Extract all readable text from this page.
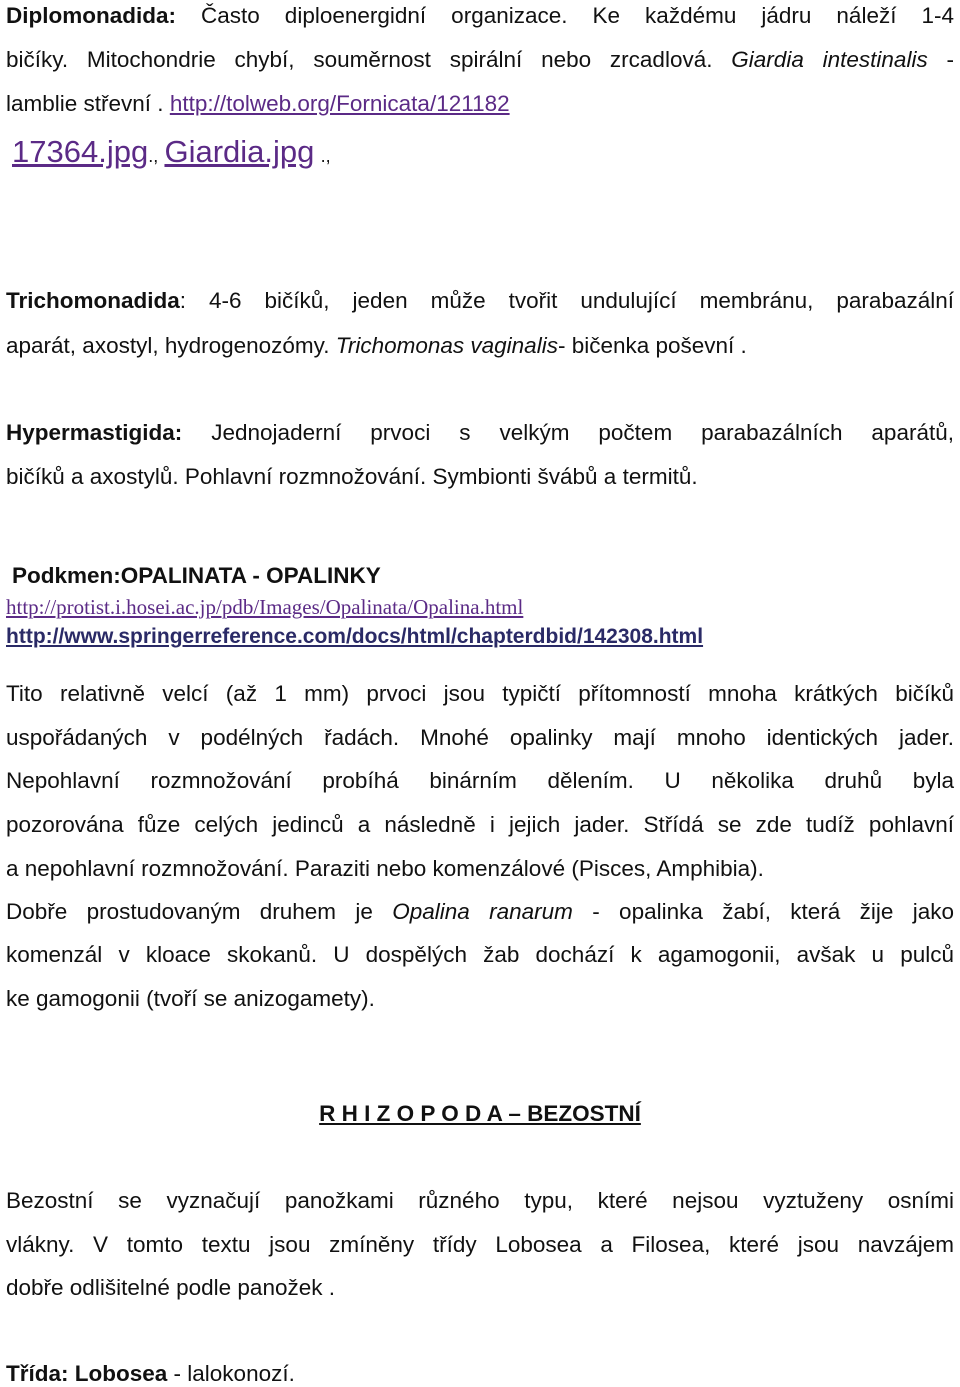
Diplomonadida: Často diploenergidní organizace. Ke každému jádru náleží 1-4

bičíky. Mitochondrie chybí, souměrnost spirální nebo zrcadlová. Giardia intestinalis -

lamblie střevní . http://tolweb.org/Fornicata/121182

17364.jpg., Giardia.jpg .,

Trichomonadida: 4-6 bičíků, jeden může tvořit undulující membránu, parabazální

aparát, axostyl, hydrogenozómy. Trichomonas vaginalis- bičenka poševní .

Hypermastigida: Jednojaderní prvoci s velkým počtem parabazálních aparátů,

bičíků a axostylů. Pohlavní rozmnožování. Symbionti švábů a termitů.

Podkmen:OPALINATA - OPALINKY

http://protist.i.hosei.ac.jp/pdb/Images/Opalinata/Opalina.html

http://www.springerreference.com/docs/html/chapterdbid/142308.html

Tito relativně velcí (až 1 mm) prvoci jsou typičtí přítomností mnoha krátkých bičíků

uspořádaných v podélných řadách. Mnohé opalinky mají mnoho identických jader.

Nepohlavní rozmnožování probíhá binárním dělením. U několika druhů byla

pozorována fůze celých jedinců a následně i jejich jader. Střídá se zde tudíž pohlavní

a nepohlavní rozmnožování. Paraziti nebo komenzálové (Pisces, Amphibia).

Dobře prostudovaným druhem je Opalina ranarum - opalinka žabí, která žije jako

komenzál v kloace skokanů. U dospělých žab dochází k agamogonii, avšak u pulců

ke gamogonii (tvoří se anizogamety).

R H I Z O P O D A – BEZOSTNÍ

Bezostní se vyznačují panožkami různého typu, které nejsou vyztuženy osními

vlákny. V tomto textu jsou zmíněny třídy Lobosea a Filosea, které jsou navzájem

dobře odlišitelné podle panožek .

Třída: Lobosea - lalokonozí.
